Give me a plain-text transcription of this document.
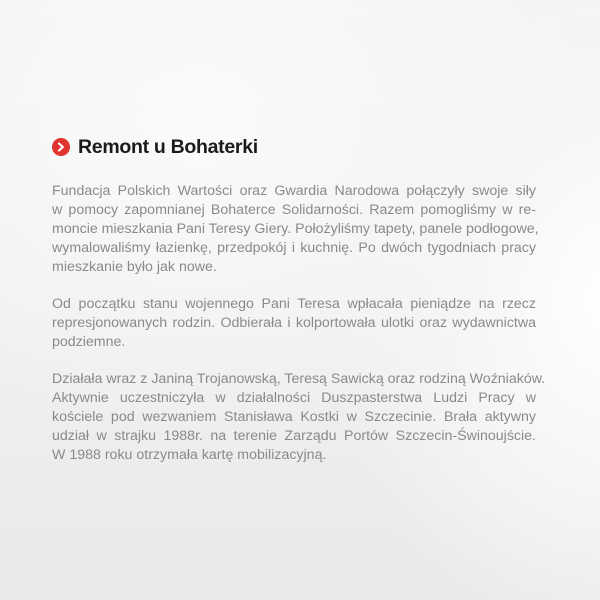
Remont u Bohaterki

Fundacja Polskich Wartości oraz Gwardia Narodowa połączyły swoje siły
w pomocy zapomnianej Bohaterce Solidarności. Razem pomogliśmy w re-
moncie mieszkania Pani Teresy Giery. Położyliśmy tapety, panele podłogowe,
wymalowaliśmy łazienkę, przedpokój i kuchnię. Po dwóch tygodniach pracy
mieszkanie było jak nowe.

Od początku stanu wojennego Pani Teresa wpłacała pieniądze na rzecz
represjonowanych rodzin. Odbierała i kolportowała ulotki oraz wydawnictwa
podziemne.

Działała wraz z Janiną Trojanowską, Teresą Sawicką oraz rodziną Woźniaków.
Aktywnie uczestniczyła w działalności Duszpasterstwa Ludzi Pracy w
kościele pod wezwaniem Stanisława Kostki w Szczecinie. Brała aktywny
udział w strajku 1988r. na terenie Zarządu Portów Szczecin-Świnoujście.
W 1988 roku otrzymała kartę mobilizacyjną.
